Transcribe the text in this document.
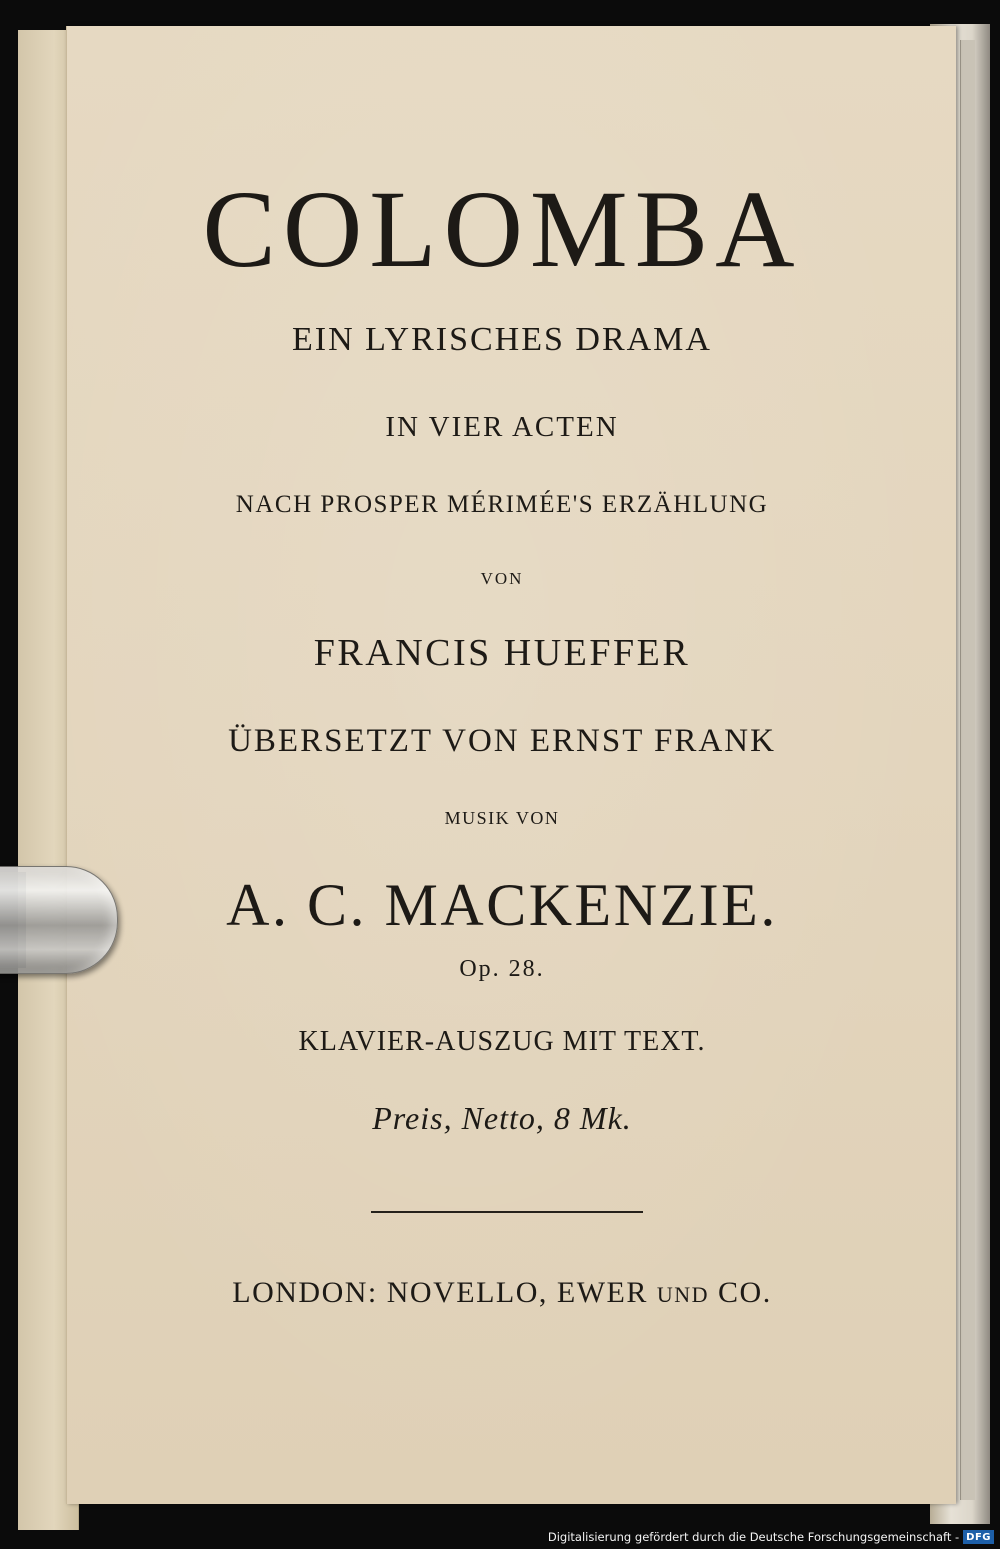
COLOMBA
EIN LYRISCHES DRAMA
IN VIER ACTEN
NACH PROSPER MÉRIMÉE'S ERZÄHLUNG
VON
FRANCIS HUEFFER
ÜBERSETZT VON ERNST FRANK
MUSIK VON
A. C. MACKENZIE.
Op. 28.
KLAVIER-AUSZUG MIT TEXT.
Preis, Netto, 8 Mk.
LONDON: NOVELLO, EWER UND CO.
Digitalisierung gefördert durch die Deutsche Forschungsgemeinschaft - DFG
